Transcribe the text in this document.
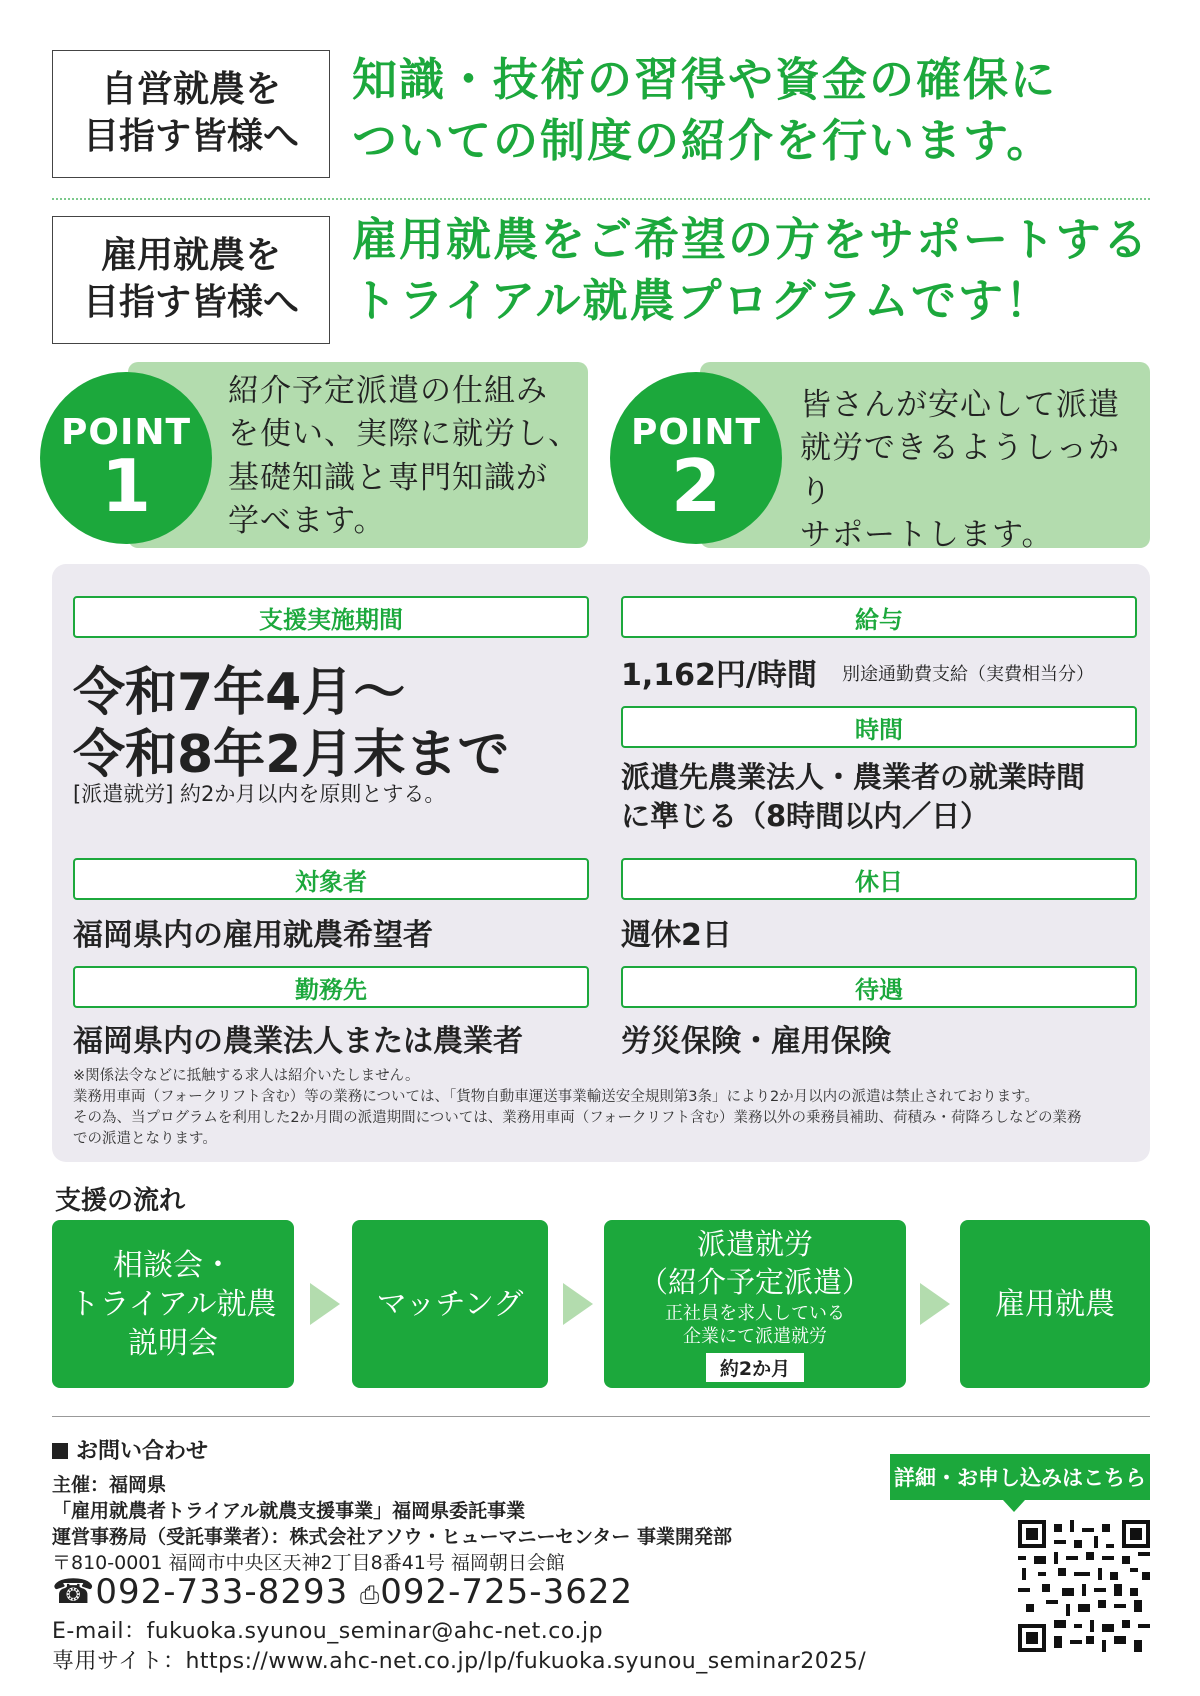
自営就農を
目指す皆様へ
知識・技術の習得や資金の確保に
ついての制度の紹介を行います。
雇用就農を
目指す皆様へ
雇用就農をご希望の方をサポートする
トライアル就農プログラムです！
POINT
1
紹介予定派遣の仕組み
を使い、実際に就労し、
基礎知識と専門知識が
学べます。
POINT
2
皆さんが安心して派遣
就労できるようしっかり
サポートします。
支援実施期間
令和7年4月～
令和8年2月末まで
[派遣就労] 約2か月以内を原則とする。
給与
1,162円/時間 別途通勤費支給（実費相当分）
時間
派遣先農業法人・農業者の就業時間
に準じる（8時間以内／日）
対象者
福岡県内の雇用就農希望者
休日
週休2日
勤務先
福岡県内の農業法人または農業者
待遇
労災保険・雇用保険
※関係法令などに抵触する求人は紹介いたしません。
業務用車両（フォークリフト含む）等の業務については、「貨物自動車運送事業輸送安全規則第3条」により2か月以内の派遣は禁止されております。
その為、当プログラムを利用した2か月間の派遣期間については、業務用車両（フォークリフト含む）業務以外の乗務員補助、荷積み・荷降ろしなどの業務
での派遣となります。
支援の流れ
相談会・
トライアル就農
説明会
マッチング
派遣就労
（紹介予定派遣）
正社員を求人している
企業にて派遣就労
約2か月
雇用就農
お問い合わせ
主催：福岡県
「雇用就農者トライアル就農支援事業」福岡県委託事業
運営事務局（受託事業者）：株式会社アソウ・ヒューマニーセンター 事業開発部
〒810-0001 福岡市中央区天神2丁目8番41号 福岡朝日会館
☎092-733-8293 ⎙092-725-3622
E-mail：fukuoka.syunou_seminar@ahc-net.co.jp
専用サイト：https://www.ahc-net.co.jp/lp/fukuoka.syunou_seminar2025/
詳細・お申し込みはこちら
